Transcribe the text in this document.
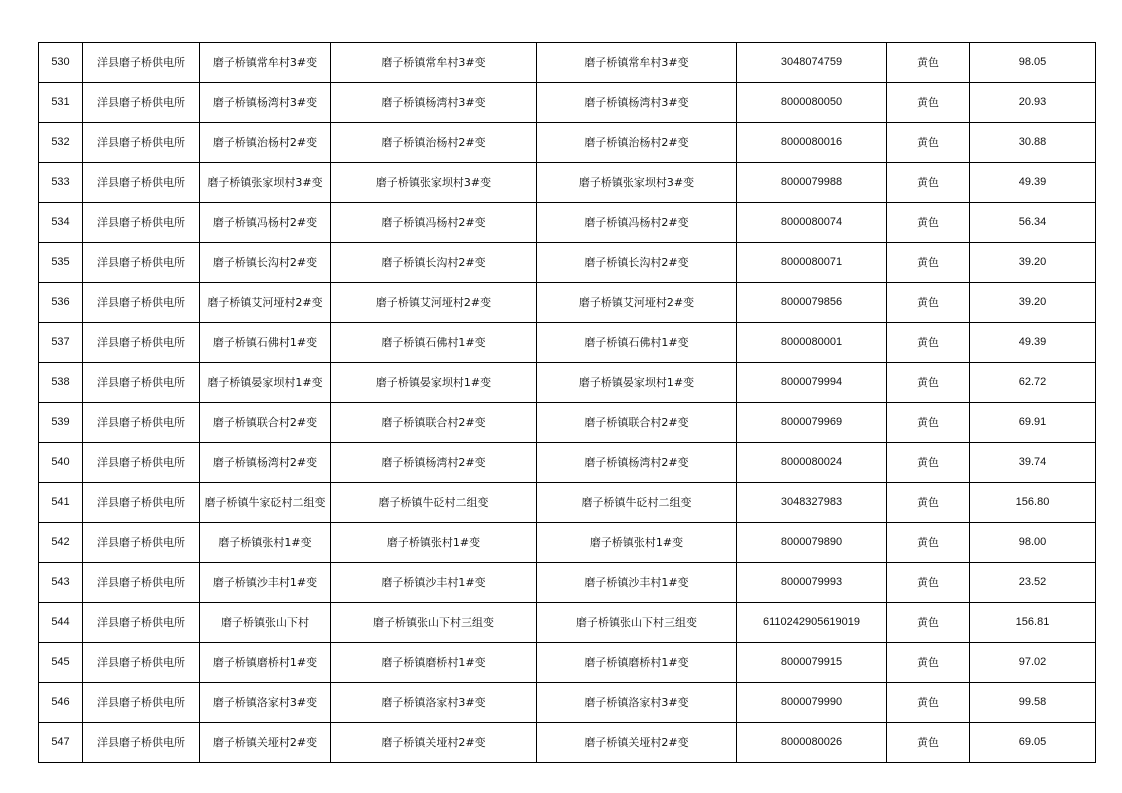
530	洋县磨子桥供电所	磨子桥镇常牟村3#变	磨子桥镇常牟村3#变	磨子桥镇常牟村3#变	3048074759	黄色	98.05
531	洋县磨子桥供电所	磨子桥镇杨湾村3#变	磨子桥镇杨湾村3#变	磨子桥镇杨湾村3#变	8000080050	黄色	20.93
532	洋县磨子桥供电所	磨子桥镇治杨村2#变	磨子桥镇治杨村2#变	磨子桥镇治杨村2#变	8000080016	黄色	30.88
533	洋县磨子桥供电所	磨子桥镇张家坝村3#变	磨子桥镇张家坝村3#变	磨子桥镇张家坝村3#变	8000079988	黄色	49.39
534	洋县磨子桥供电所	磨子桥镇冯杨村2#变	磨子桥镇冯杨村2#变	磨子桥镇冯杨村2#变	8000080074	黄色	56.34
535	洋县磨子桥供电所	磨子桥镇长沟村2#变	磨子桥镇长沟村2#变	磨子桥镇长沟村2#变	8000080071	黄色	39.20
536	洋县磨子桥供电所	磨子桥镇艾河垭村2#变	磨子桥镇艾河垭村2#变	磨子桥镇艾河垭村2#变	8000079856	黄色	39.20
537	洋县磨子桥供电所	磨子桥镇石佛村1#变	磨子桥镇石佛村1#变	磨子桥镇石佛村1#变	8000080001	黄色	49.39
538	洋县磨子桥供电所	磨子桥镇晏家坝村1#变	磨子桥镇晏家坝村1#变	磨子桥镇晏家坝村1#变	8000079994	黄色	62.72
539	洋县磨子桥供电所	磨子桥镇联合村2#变	磨子桥镇联合村2#变	磨子桥镇联合村2#变	8000079969	黄色	69.91
540	洋县磨子桥供电所	磨子桥镇杨湾村2#变	磨子桥镇杨湾村2#变	磨子桥镇杨湾村2#变	8000080024	黄色	39.74
541	洋县磨子桥供电所	磨子桥镇牛家砭村二组变	磨子桥镇牛砭村二组变	磨子桥镇牛砭村二组变	3048327983	黄色	156.80
542	洋县磨子桥供电所	磨子桥镇张村1#变	磨子桥镇张村1#变	磨子桥镇张村1#变	8000079890	黄色	98.00
543	洋县磨子桥供电所	磨子桥镇沙丰村1#变	磨子桥镇沙丰村1#变	磨子桥镇沙丰村1#变	8000079993	黄色	23.52
544	洋县磨子桥供电所	磨子桥镇张山下村	磨子桥镇张山下村三组变	磨子桥镇张山下村三组变	6110242905619019	黄色	156.81
545	洋县磨子桥供电所	磨子桥镇磨桥村1#变	磨子桥镇磨桥村1#变	磨子桥镇磨桥村1#变	8000079915	黄色	97.02
546	洋县磨子桥供电所	磨子桥镇洛家村3#变	磨子桥镇洛家村3#变	磨子桥镇洛家村3#变	8000079990	黄色	99.58
547	洋县磨子桥供电所	磨子桥镇关垭村2#变	磨子桥镇关垭村2#变	磨子桥镇关垭村2#变	8000080026	黄色	69.05
